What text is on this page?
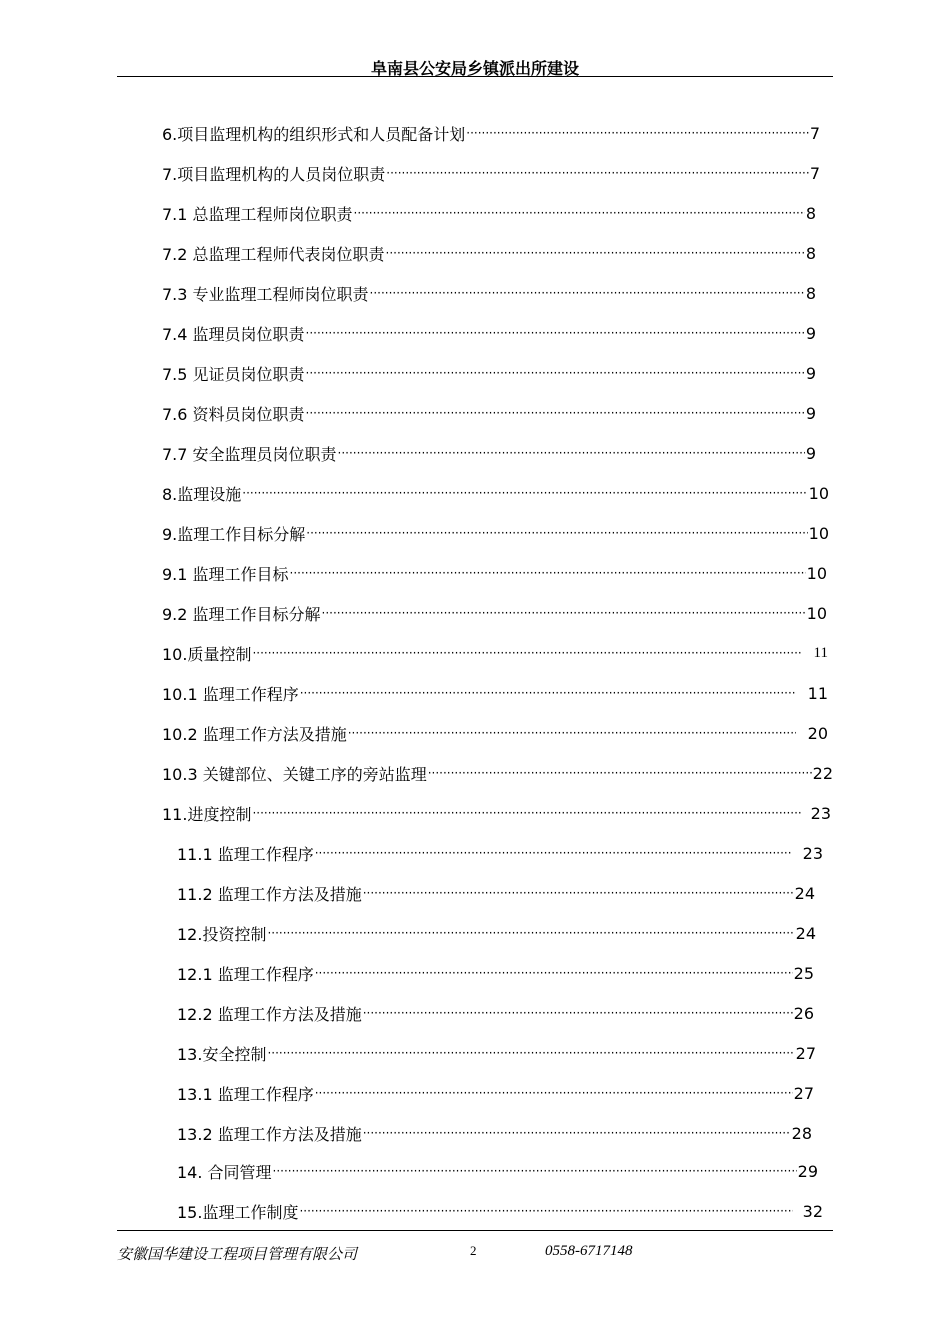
阜南县公安局乡镇派出所建设
6.项目监理机构的组织形式和人员配备计划 ·····	7
7.项目监理机构的人员岗位职责 ·····	7
7.1 总监理工程师岗位职责 ·····	8
7.2 总监理工程师代表岗位职责 ·····	8
7.3 专业监理工程师岗位职责 ·····	8
7.4 监理员岗位职责 ·····	9
7.5 见证员岗位职责 ·····	9
7.6 资料员岗位职责 ·····	9
7.7 安全监理员岗位职责 ·····	9
8.监理设施 ·····	10
9.监理工作目标分解 ·····	10
9.1 监理工作目标 ·····	10
9.2 监理工作目标分解 ·····	10
10.质量控制 ·····	11
10.1 监理工作程序 ·····	11
10.2 监理工作方法及措施 ·····	20
10.3 关键部位、关键工序的旁站监理 ·····	22
11.进度控制 ·····	23
11.1 监理工作程序 ·····	23
11.2 监理工作方法及措施 ·····	24
12.投资控制 ·····	24
12.1 监理工作程序 ·····	25
12.2 监理工作方法及措施 ·····	26
13.安全控制 ·····	27
13.1 监理工作程序 ·····	27
13.2 监理工作方法及措施 ·····	28
14. 合同管理 ·····	29
15.监理工作制度 ·····	32
安徽国华建设工程项目管理有限公司	2	0558-6717148
